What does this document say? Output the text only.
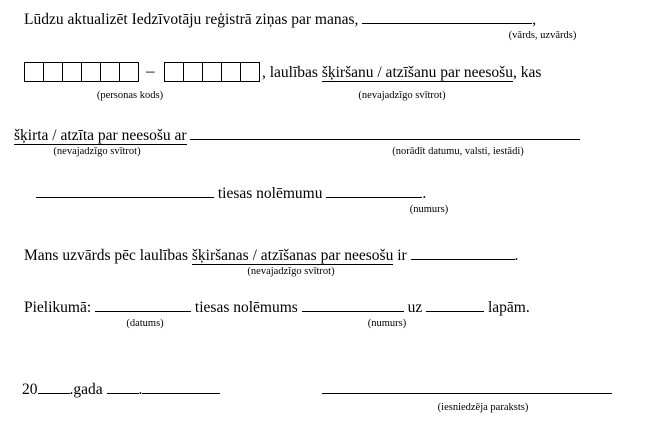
Lūdzu aktualizēt Iedzīvotāju reģistrā ziņas par manas,	,
(vārds, uzvārds)
–	, laulības šķiršanu / atzīšanu par neesošu, kas
(personas kods)	(nevajadzīgo svītrot)
šķirta / atzīta par neesošu ar
(nevajadzīgo svītrot)	(norādīt datumu, valsti, iestādi)
tiesas nolēmumu	.
(numurs)
Mans uzvārds pēc laulības šķiršanas / atzīšanas par neesošu ir	.
(nevajadzīgo svītrot)
Pielikumā:	tiesas nolēmums	uz	lapām.
(datums)	(numurs)
20 .gada .
(iesniedzēja paraksts)
